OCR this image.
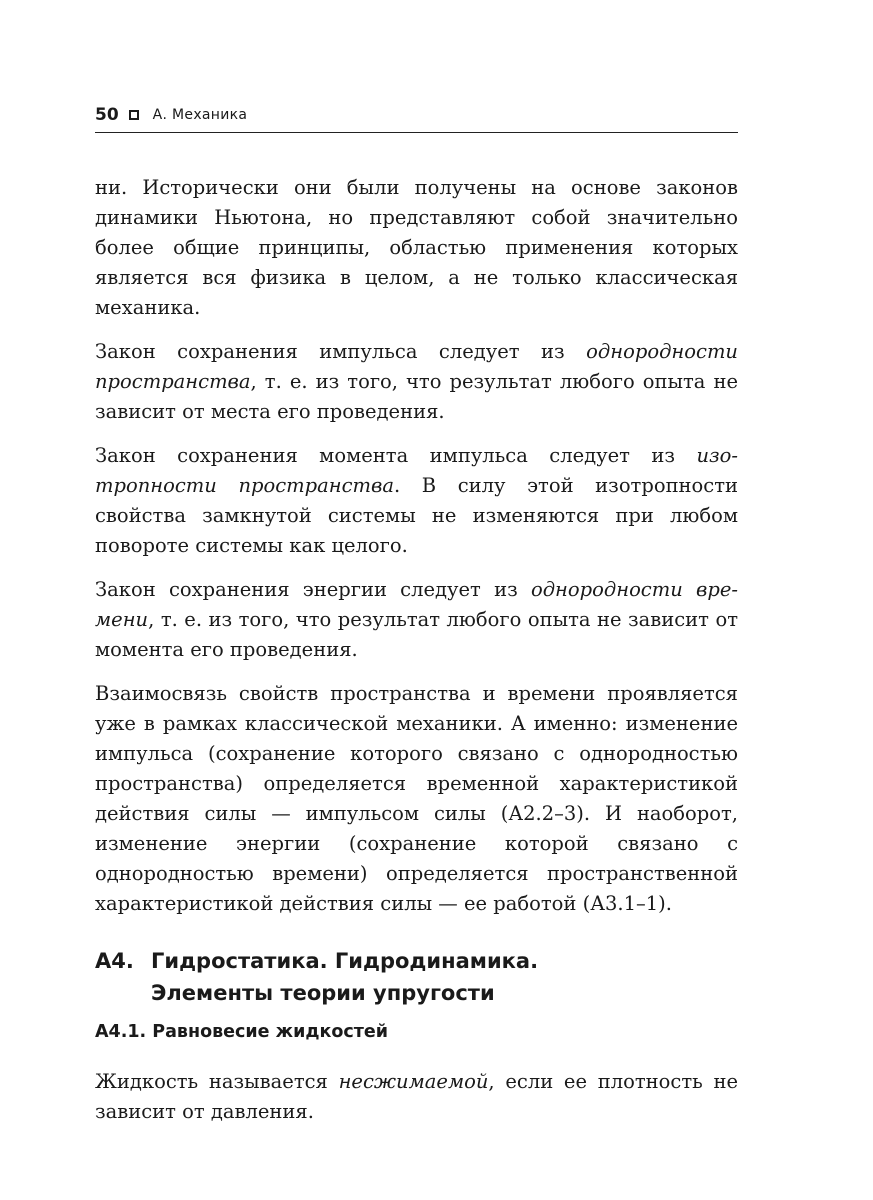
50 А. Механика

ни. Исторически они были получены на основе законов динамики Ньютона, но представляют собой значительно более общие принципы, областью применения которых является вся физика в целом, а не только классическая механика.

Закон сохранения импульса следует из однородности пространства, т. е. из того, что результат любого опыта не зависит от места его проведения.

Закон сохранения момента импульса следует из изотропности пространства. В силу этой изотропности свойства замкнутой системы не изменяются при любом повороте системы как целого.

Закон сохранения энергии следует из однородности времени, т. е. из того, что результат любого опыта не зависит от момента его проведения.

Взаимосвязь свойств пространства и времени проявляется уже в рамках классической механики. А именно: изменение импульса (сохранение которого связано с однородностью пространства) определяется временной характеристикой действия силы — импульсом силы (А2.2–3). И наоборот, изменение энергии (сохранение которой связано с однородностью времени) определяется пространственной характеристикой действия силы — ее работой (А3.1–1).

А4. Гидростатика. Гидродинамика.
Элементы теории упругости
А4.1. Равновесие жидкостей

Жидкость называется несжимаемой, если ее плотность не зависит от давления.
